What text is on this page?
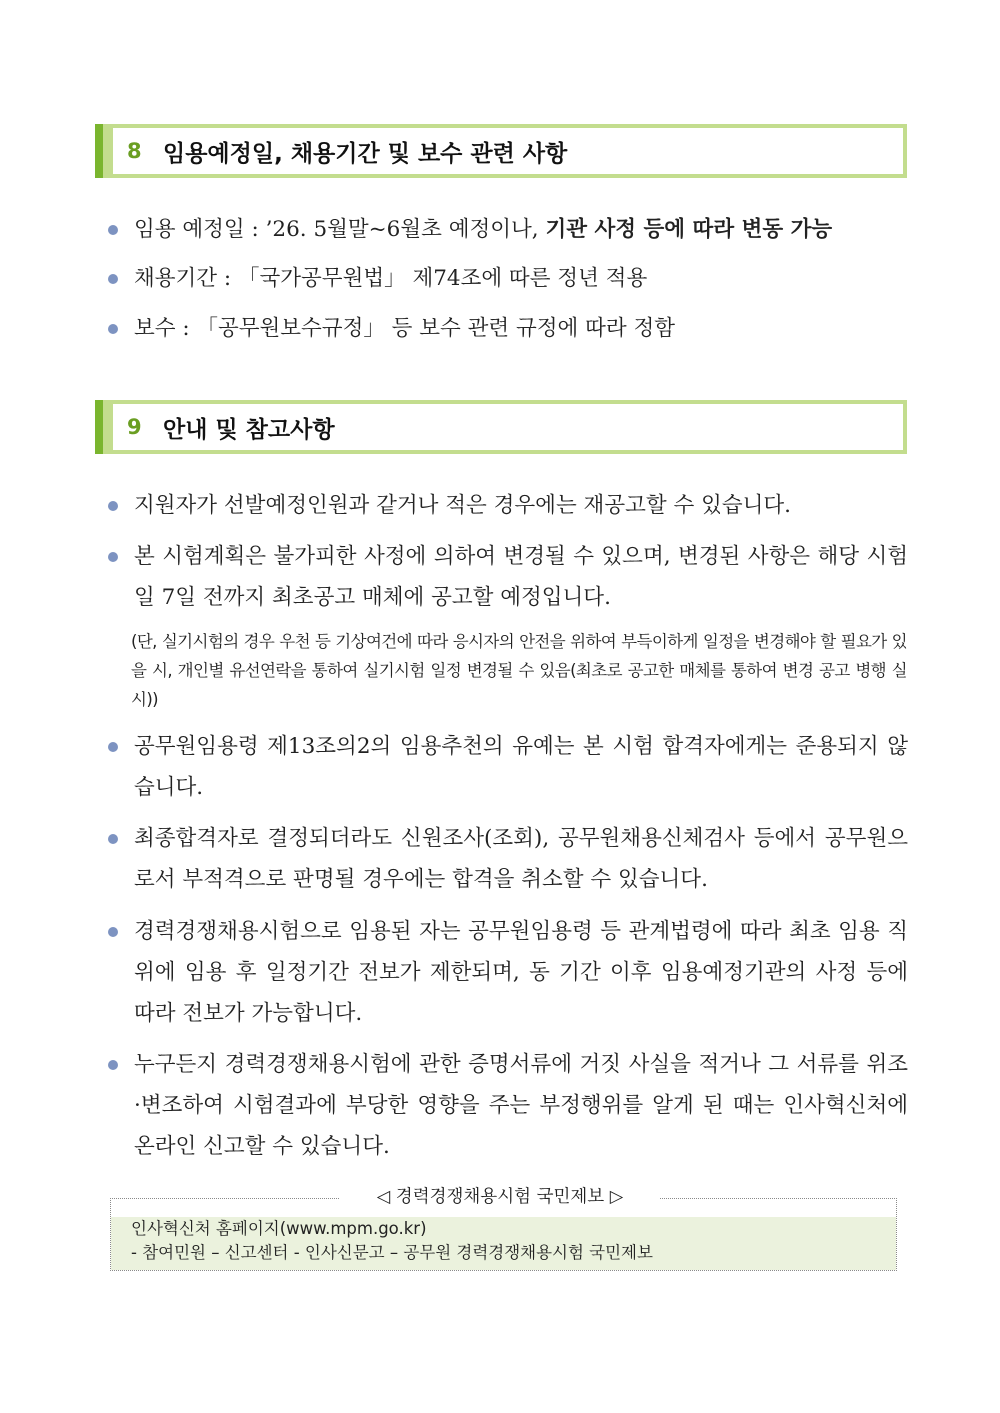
8 임용예정일, 채용기간 및 보수 관련 사항
임용 예정일 : ’26. 5월말~6월초 예정이나, 기관 사정 등에 따라 변동 가능
채용기간 : 「국가공무원법」 제74조에 따른 정년 적용
보수 : 「공무원보수규정」 등 보수 관련 규정에 따라 정함
9 안내 및 참고사항
지원자가 선발예정인원과 같거나 적은 경우에는 재공고할 수 있습니다.
본 시험계획은 불가피한 사정에 의하여 변경될 수 있으며, 변경된 사항은 해당 시험일 7일 전까지 최초공고 매체에 공고할 예정입니다.
(단, 실기시험의 경우 우천 등 기상여건에 따라 응시자의 안전을 위하여 부득이하게 일정을 변경해야 할 필요가 있을 시, 개인별 유선연락을 통하여 실기시험 일정 변경될 수 있음(최초로 공고한 매체를 통하여 변경 공고 병행 실시))
공무원임용령 제13조의2의 임용추천의 유예는 본 시험 합격자에게는 준용되지 않습니다.
최종합격자로 결정되더라도 신원조사(조회), 공무원채용신체검사 등에서 공무원으로서 부적격으로 판명될 경우에는 합격을 취소할 수 있습니다.
경력경쟁채용시험으로 임용된 자는 공무원임용령 등 관계법령에 따라 최초 임용 직위에 임용 후 일정기간 전보가 제한되며, 동 기간 이후 임용예정기관의 사정 등에 따라 전보가 가능합니다.
누구든지 경력경쟁채용시험에 관한 증명서류에 거짓 사실을 적거나 그 서류를 위조·변조하여 시험결과에 부당한 영향을 주는 부정행위를 알게 된 때는 인사혁신처에 온라인 신고할 수 있습니다.
인사혁신처 홈페이지(www.mpm.go.kr)
- 참여민원 – 신고센터 - 인사신문고 – 공무원 경력경쟁채용시험 국민제보
◁ 경력경쟁채용시험 국민제보 ▷
